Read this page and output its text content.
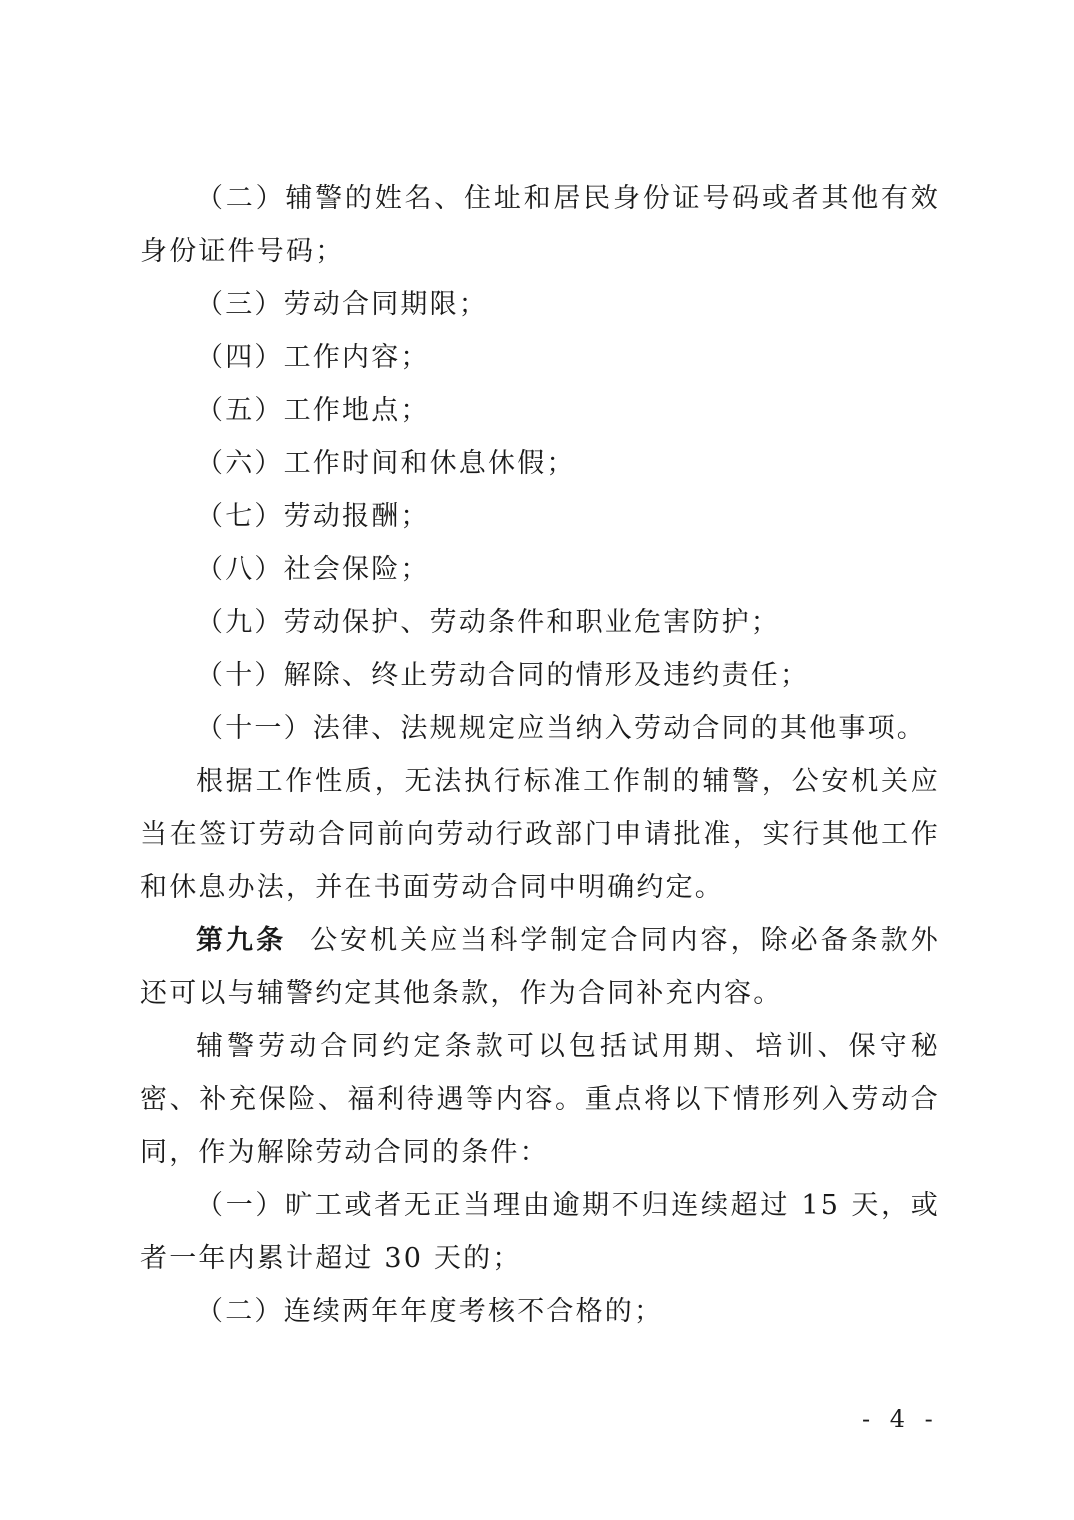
（二）辅警的姓名、住址和居民身份证号码或者其他有效身份证件号码；

（三）劳动合同期限；

（四）工作内容；

（五）工作地点；

（六）工作时间和休息休假；

（七）劳动报酬；

（八）社会保险；

（九）劳动保护、劳动条件和职业危害防护；

（十）解除、终止劳动合同的情形及违约责任；

（十一）法律、法规规定应当纳入劳动合同的其他事项。

根据工作性质，无法执行标准工作制的辅警，公安机关应当在签订劳动合同前向劳动行政部门申请批准，实行其他工作和休息办法，并在书面劳动合同中明确约定。

第九条 公安机关应当科学制定合同内容，除必备条款外还可以与辅警约定其他条款，作为合同补充内容。

辅警劳动合同约定条款可以包括试用期、培训、保守秘密、补充保险、福利待遇等内容。重点将以下情形列入劳动合同，作为解除劳动合同的条件：

（一）旷工或者无正当理由逾期不归连续超过 15 天，或者一年内累计超过 30 天的；

（二）连续两年年度考核不合格的；

- 4 -
